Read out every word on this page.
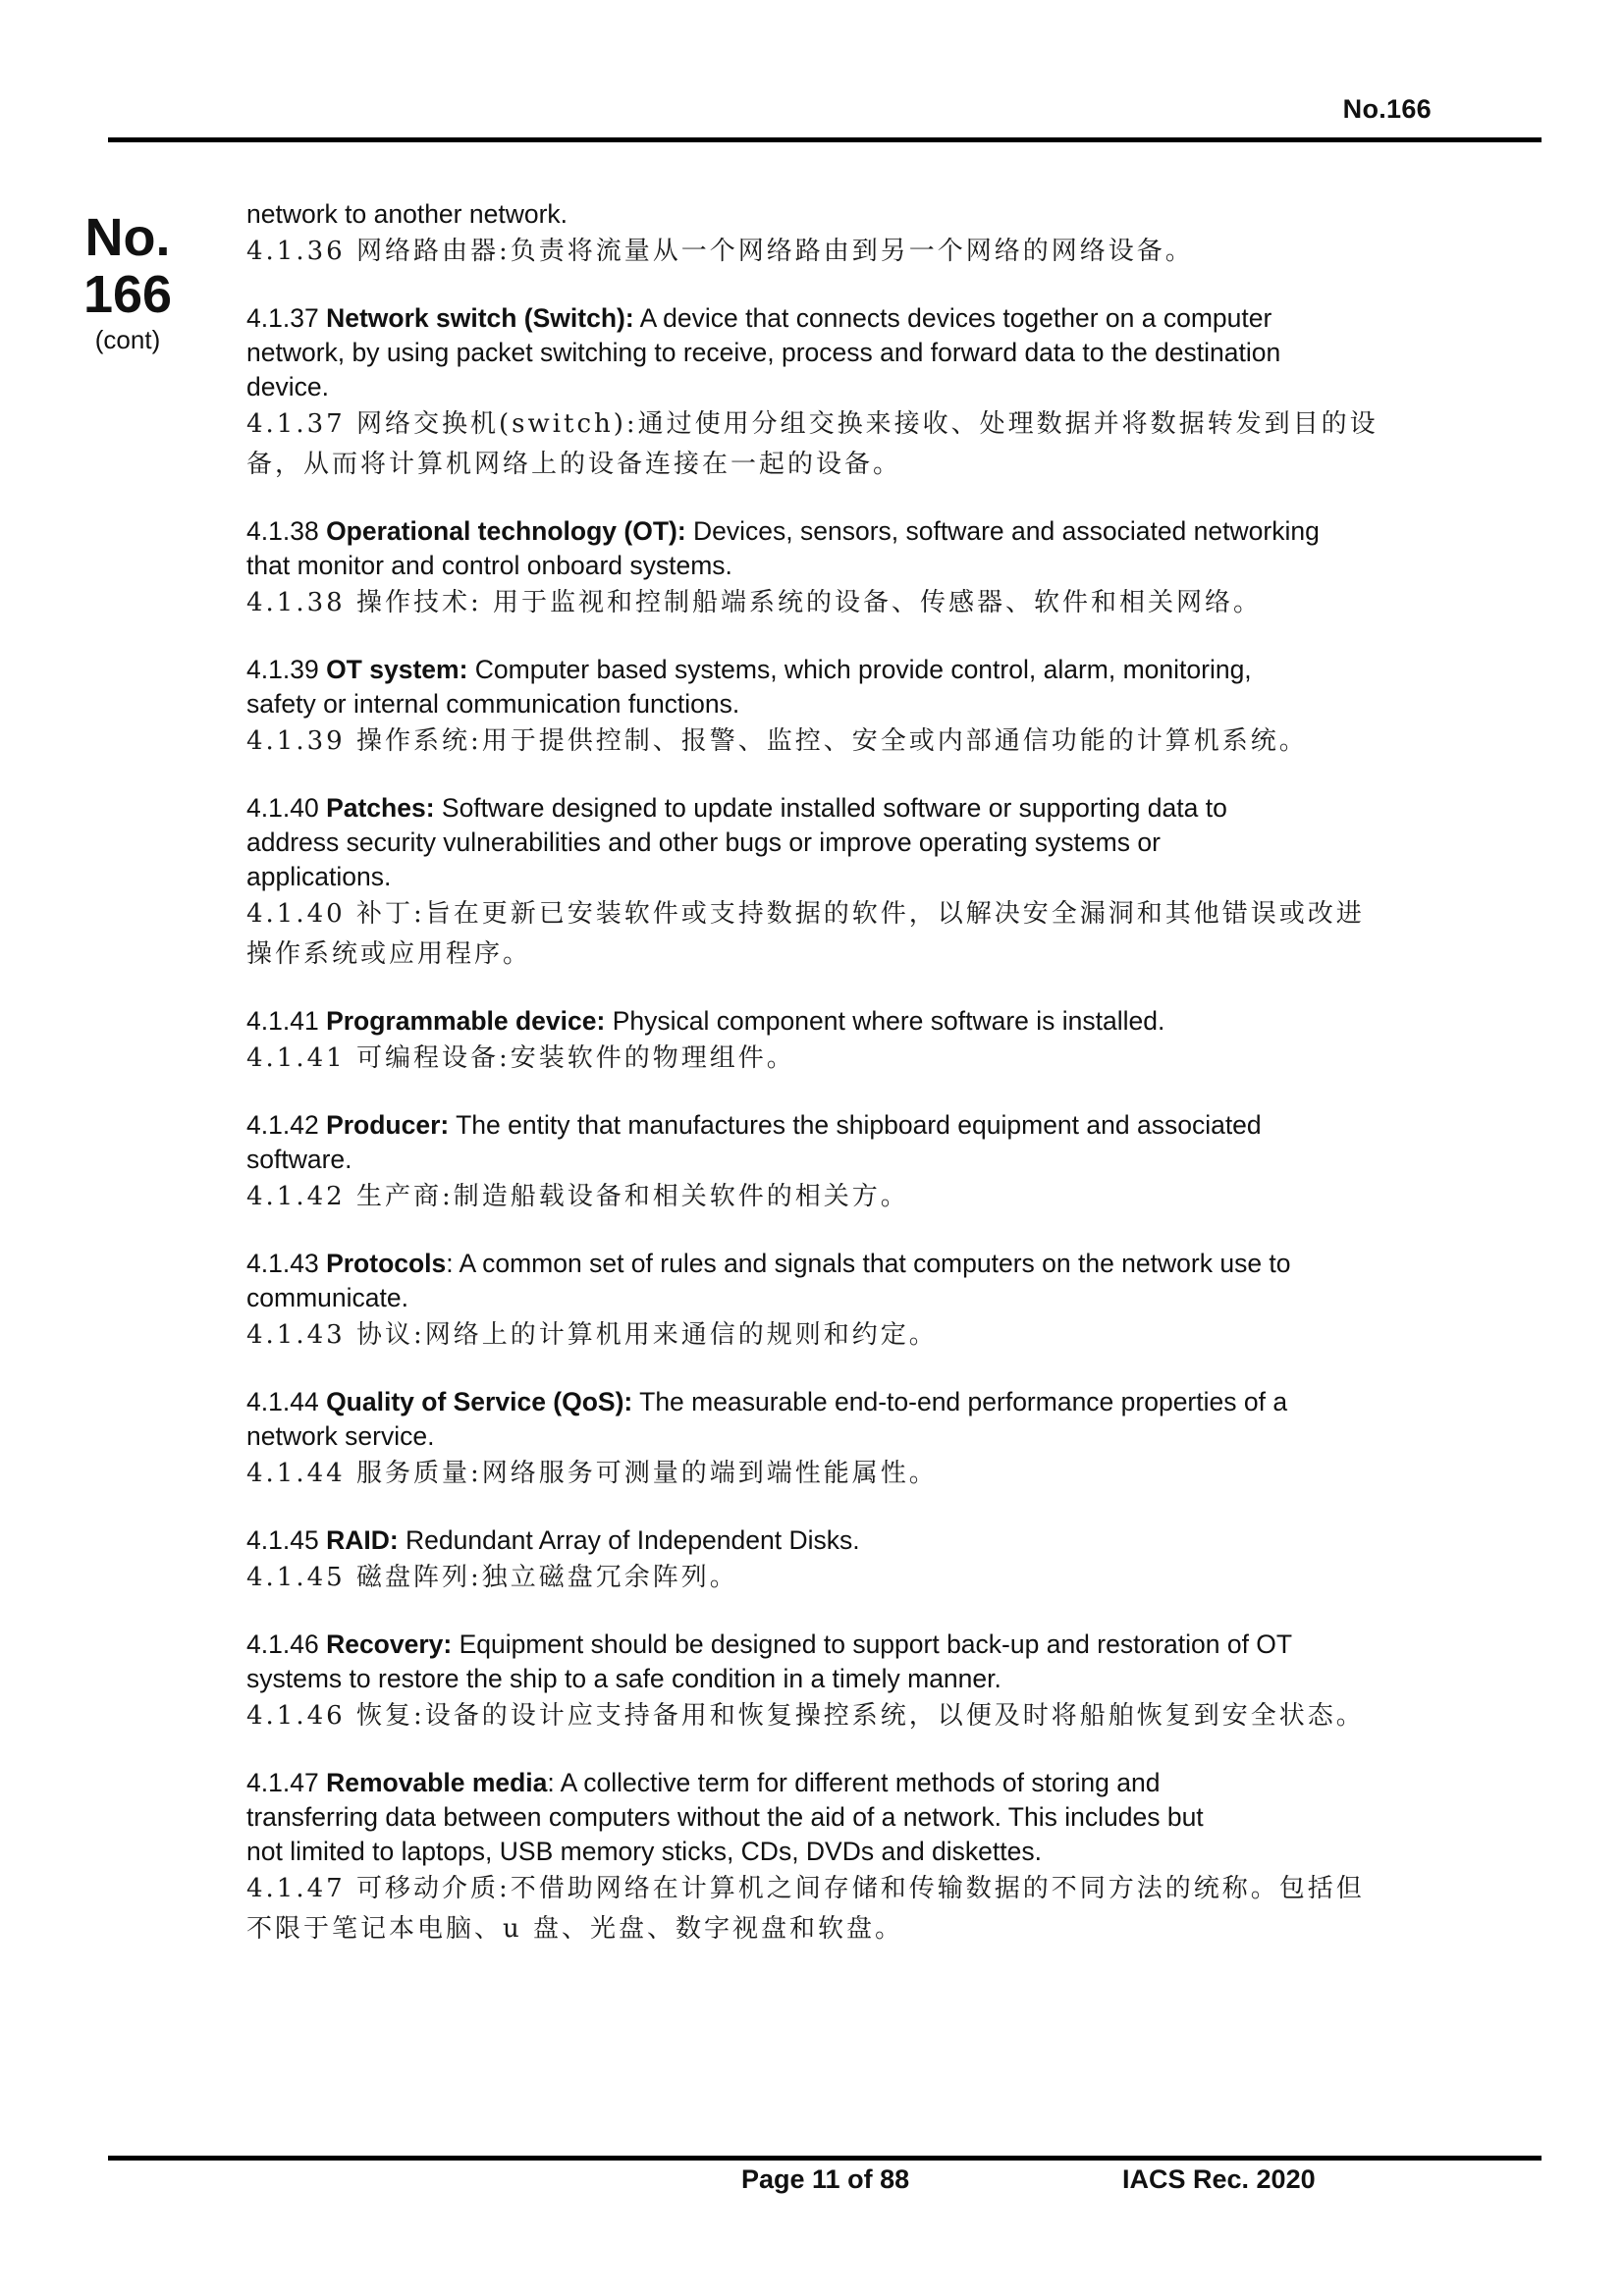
No.166
No.
166
(cont)

network to another network.

4.1.36 网络路由器:负责将流量从一个网络路由到另一个网络的网络设备。

4.1.37 Network switch (Switch): A device that connects devices together on a computer

network, by using packet switching to receive, process and forward data to the destination

device.

4.1.37 网络交换机(switch):通过使用分组交换来接收、处理数据并将数据转发到目的设

备，从而将计算机网络上的设备连接在一起的设备。

4.1.38 Operational technology (OT): Devices, sensors, software and associated networking

that monitor and control onboard systems.

4.1.38 操作技术: 用于监视和控制船端系统的设备、传感器、软件和相关网络。

4.1.39 OT system: Computer based systems, which provide control, alarm, monitoring,

safety or internal communication functions.

4.1.39 操作系统:用于提供控制、报警、监控、安全或内部通信功能的计算机系统。

4.1.40 Patches: Software designed to update installed software or supporting data to

address security vulnerabilities and other bugs or improve operating systems or

applications.

4.1.40 补丁:旨在更新已安装软件或支持数据的软件，以解决安全漏洞和其他错误或改进

操作系统或应用程序。

4.1.41 Programmable device: Physical component where software is installed.

4.1.41 可编程设备:安装软件的物理组件。

4.1.42 Producer: The entity that manufactures the shipboard equipment and associated

software.

4.1.42 生产商:制造船载设备和相关软件的相关方。

4.1.43 Protocols: A common set of rules and signals that computers on the network use to

communicate.

4.1.43 协议:网络上的计算机用来通信的规则和约定。

4.1.44 Quality of Service (QoS): The measurable end-to-end performance properties of a

network service.

4.1.44 服务质量:网络服务可测量的端到端性能属性。

4.1.45 RAID: Redundant Array of Independent Disks.

4.1.45 磁盘阵列:独立磁盘冗余阵列。

4.1.46 Recovery: Equipment should be designed to support back-up and restoration of OT

systems to restore the ship to a safe condition in a timely manner.

4.1.46 恢复:设备的设计应支持备用和恢复操控系统，以便及时将船舶恢复到安全状态。

4.1.47 Removable media: A collective term for different methods of storing and

transferring data between computers without the aid of a network. This includes but

not limited to laptops, USB memory sticks, CDs, DVDs and diskettes.

4.1.47 可移动介质:不借助网络在计算机之间存储和传输数据的不同方法的统称。包括但

不限于笔记本电脑、u 盘、光盘、数字视盘和软盘。

Page 11 of 88	IACS Rec. 2020
